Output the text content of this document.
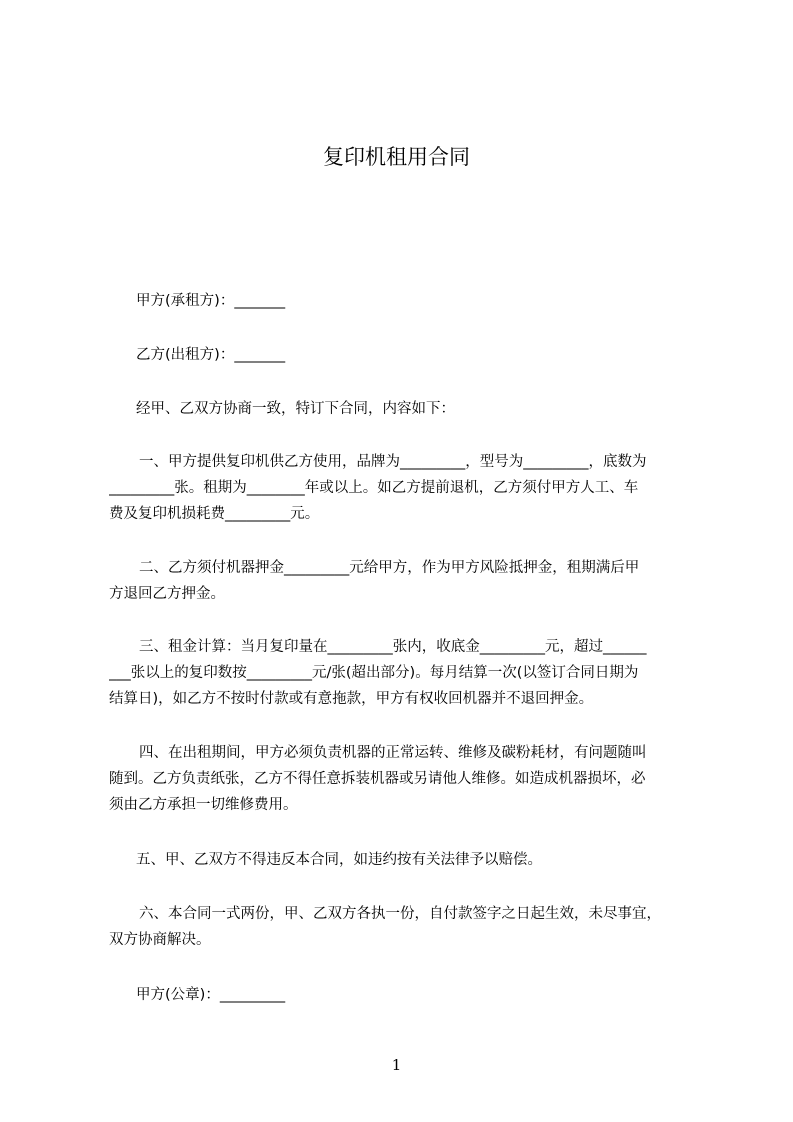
复印机租用合同
甲方(承租方)：_______
乙方(出租方)：_______
经甲、乙双方协商一致，特订下合同，内容如下：
一、甲方提供复印机供乙方使用，品牌为_________，型号为_________，底数为
_________张。租期为________年或以上。如乙方提前退机，乙方须付甲方人工、车
费及复印机损耗费_________元。
二、乙方须付机器押金_________元给甲方，作为甲方风险抵押金，租期满后甲
方退回乙方押金。
三、租金计算：当月复印量在_________张内，收底金_________元，超过______
___张以上的复印数按_________元/张(超出部分)。每月结算一次(以签订合同日期为
结算日)，如乙方不按时付款或有意拖款，甲方有权收回机器并不退回押金。
四、在出租期间，甲方必须负责机器的正常运转、维修及碳粉耗材，有问题随叫
随到。乙方负责纸张，乙方不得任意拆装机器或另请他人维修。如造成机器损坏，必
须由乙方承担一切维修费用。
五、甲、乙双方不得违反本合同，如违约按有关法律予以赔偿。
六、本合同一式两份，甲、乙双方各执一份，自付款签字之日起生效，未尽事宜，
双方协商解决。
甲方(公章)：_________
1
